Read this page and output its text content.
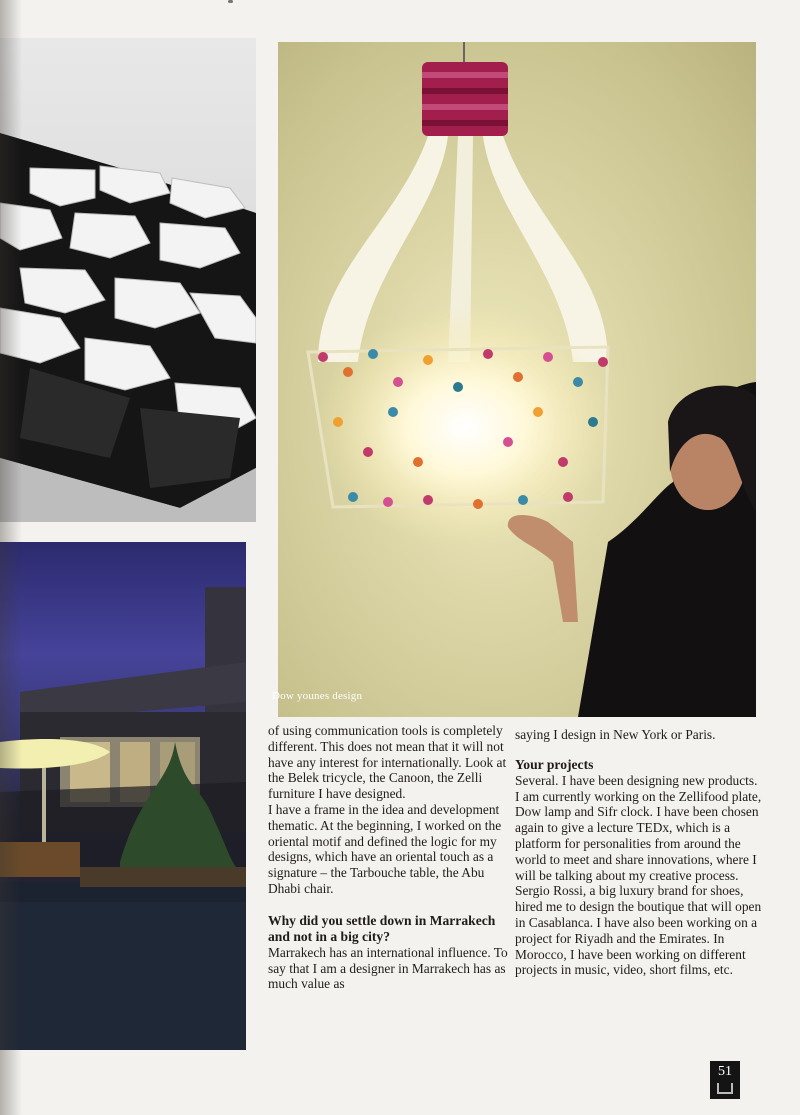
Dow younes design

of using communication tools is completely different. This does not mean that it will not have any interest for internationally. Look at the Belek tricycle, the Canoon, the Zelli furniture I have designed.

I have a frame in the idea and development thematic. At the beginning, I worked on the oriental motif and defined the logic for my designs, which have an oriental touch as a signature – the Tarbouche table, the Abu Dhabi chair.

Why did you settle down in Marrakech and not in a big city?

Marrakech has an international influence. To say that I am a designer in Marrakech has as much value as

saying I design in New York or Paris.

Your projects

Several. I have been designing new products. I am currently working on the Zellifood plate, Dow lamp and Sifr clock. I have been chosen again to give a lecture TEDx, which is a platform for personalities from around the world to meet and share innovations, where I will be talking about my creative process. Sergio Rossi, a big luxury brand for shoes, hired me to design the boutique that will open in Casablanca. I have also been working on a project for Riyadh and the Emirates. In Morocco, I have been working on different projects in music, video, short films, etc.

51
